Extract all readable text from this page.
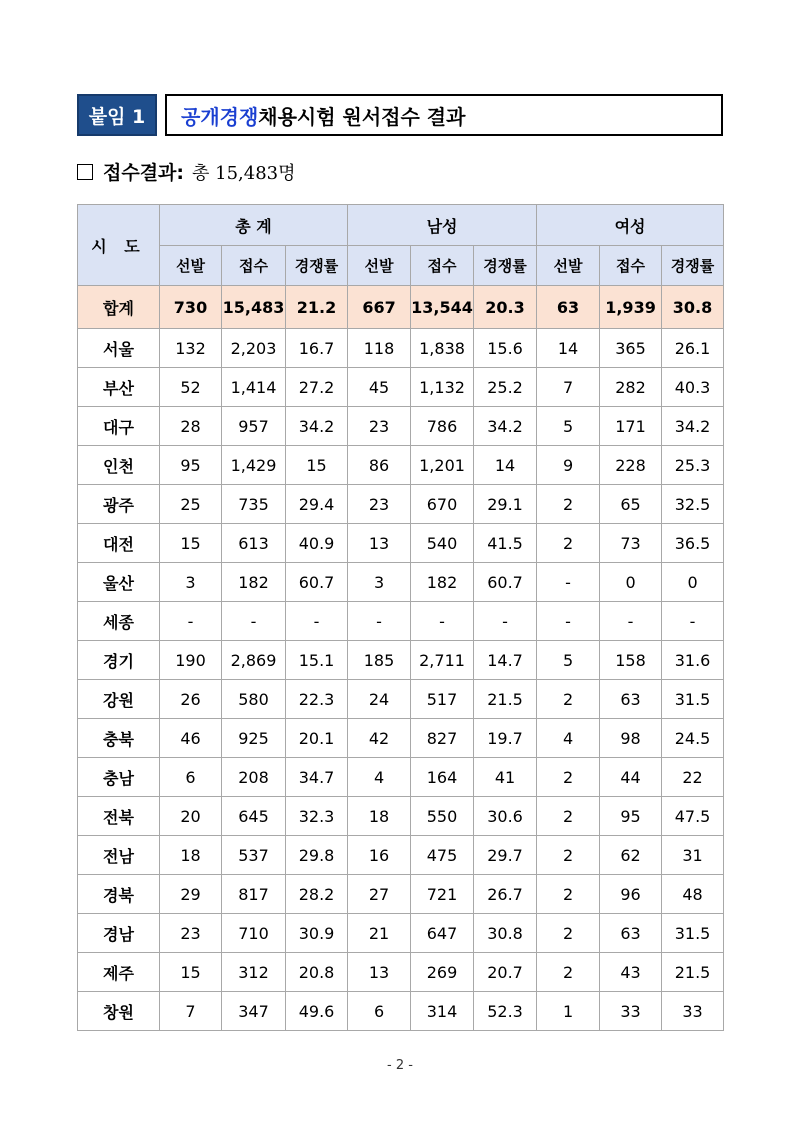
붙임 1	공개경쟁 채용시험 원서접수 결과
접수결과: 총 15,483명
시 도	총 계			남성			여성		
	선발	접수	경쟁률	선발	접수	경쟁률	선발	접수	경쟁률
합계	730	15,483	21.2	667	13,544	20.3	63	1,939	30.8
서울	132	2,203	16.7	118	1,838	15.6	14	365	26.1
부산	52	1,414	27.2	45	1,132	25.2	7	282	40.3
대구	28	957	34.2	23	786	34.2	5	171	34.2
인천	95	1,429	15	86	1,201	14	9	228	25.3
광주	25	735	29.4	23	670	29.1	2	65	32.5
대전	15	613	40.9	13	540	41.5	2	73	36.5
울산	3	182	60.7	3	182	60.7	-	0	0
세종	-	-	-	-	-	-	-	-	-
경기	190	2,869	15.1	185	2,711	14.7	5	158	31.6
강원	26	580	22.3	24	517	21.5	2	63	31.5
충북	46	925	20.1	42	827	19.7	4	98	24.5
충남	6	208	34.7	4	164	41	2	44	22
전북	20	645	32.3	18	550	30.6	2	95	47.5
전남	18	537	29.8	16	475	29.7	2	62	31
경북	29	817	28.2	27	721	26.7	2	96	48
경남	23	710	30.9	21	647	30.8	2	63	31.5
제주	15	312	20.8	13	269	20.7	2	43	21.5
창원	7	347	49.6	6	314	52.3	1	33	33
- 2 -
